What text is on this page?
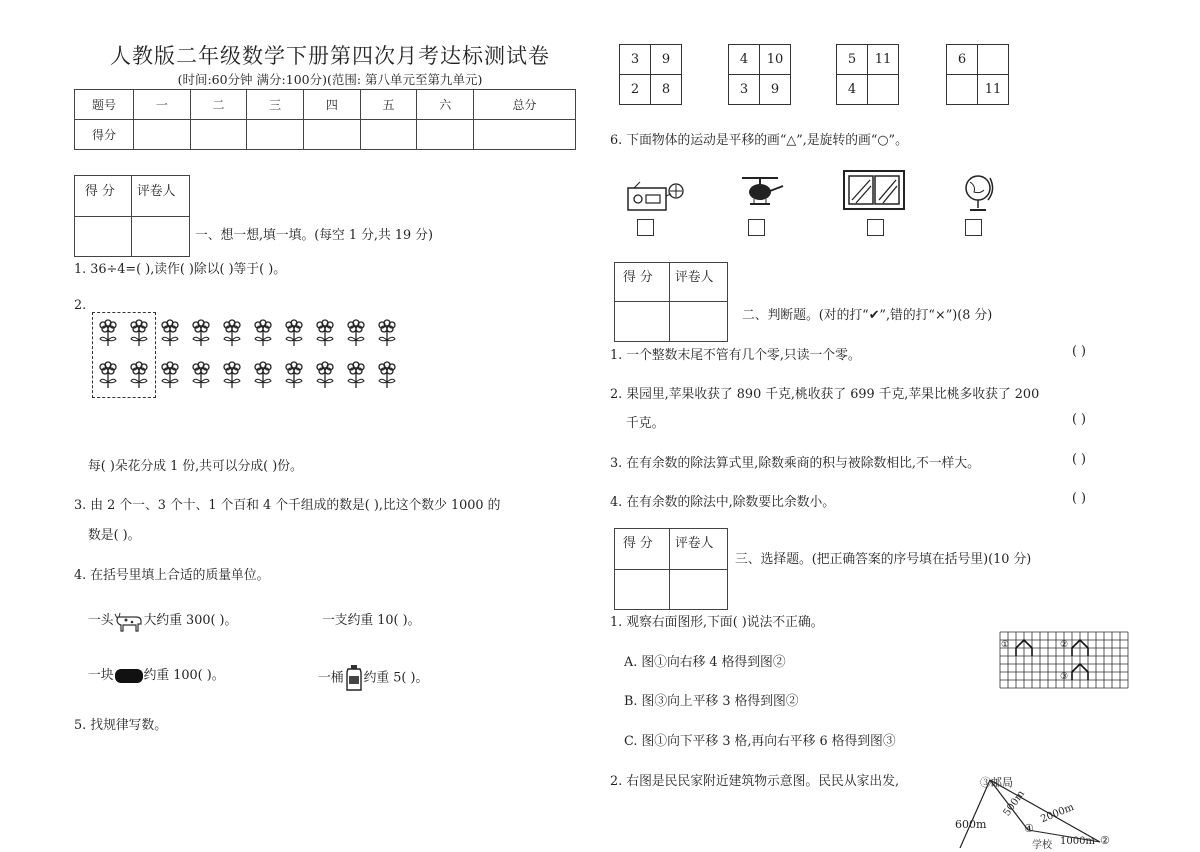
人教版二年级数学下册第四次月考达标测试卷
(时间:60分钟 满分:100分)(范围: 第八单元至第九单元)
题号	一	二	三	四	五	六	总分
得分							
得 分 评卷人
一、想一想,填一填。(每空 1 分,共 19 分)
1. 36÷4=( ),读作( )除以( )等于( )。
2.
每( )朵花分成 1 份,共可以分成( )份。
3. 由 2 个一、3 个十、1 个百和 4 个千组成的数是( ),比这个数少 1000 的
数是( )。
4. 在括号里填上合适的质量单位。
一头 大约重 300( )。	一支约重 10( )。
一块 约重 100( )。	一桶 约重 5( )。
5. 找规律写数。
3	9
2	8
4	10
3	9
5	11
4	
6	
	11
6. 下面物体的运动是平移的画“△”,是旋转的画“○”。
得 分 评卷人
二、判断题。(对的打“✔”,错的打“×”)(8 分)
1. 一个整数末尾不管有几个零,只读一个零。	( )
2. 果园里,苹果收获了 890 千克,桃收获了 699 千克,苹果比桃多收获了 200
千克。	( )
3. 在有余数的除法算式里,除数乘商的积与被除数相比,不一样大。	( )
4. 在有余数的除法中,除数要比余数小。	( )
得 分 评卷人
三、选择题。(把正确答案的序号填在括号里)(10 分)
1. 观察右面图形,下面( )说法不正确。
A. 图①向右移 4 格得到图②
B. 图③向上平移 3 格得到图②
C. 图①向下平移 3 格,再向右平移 6 格得到图③
2. 右图是民民家附近建筑物示意图。民民从家出发,
①	②
③
③邮局
500m 2000m
600m	④
②
学校 1000m
